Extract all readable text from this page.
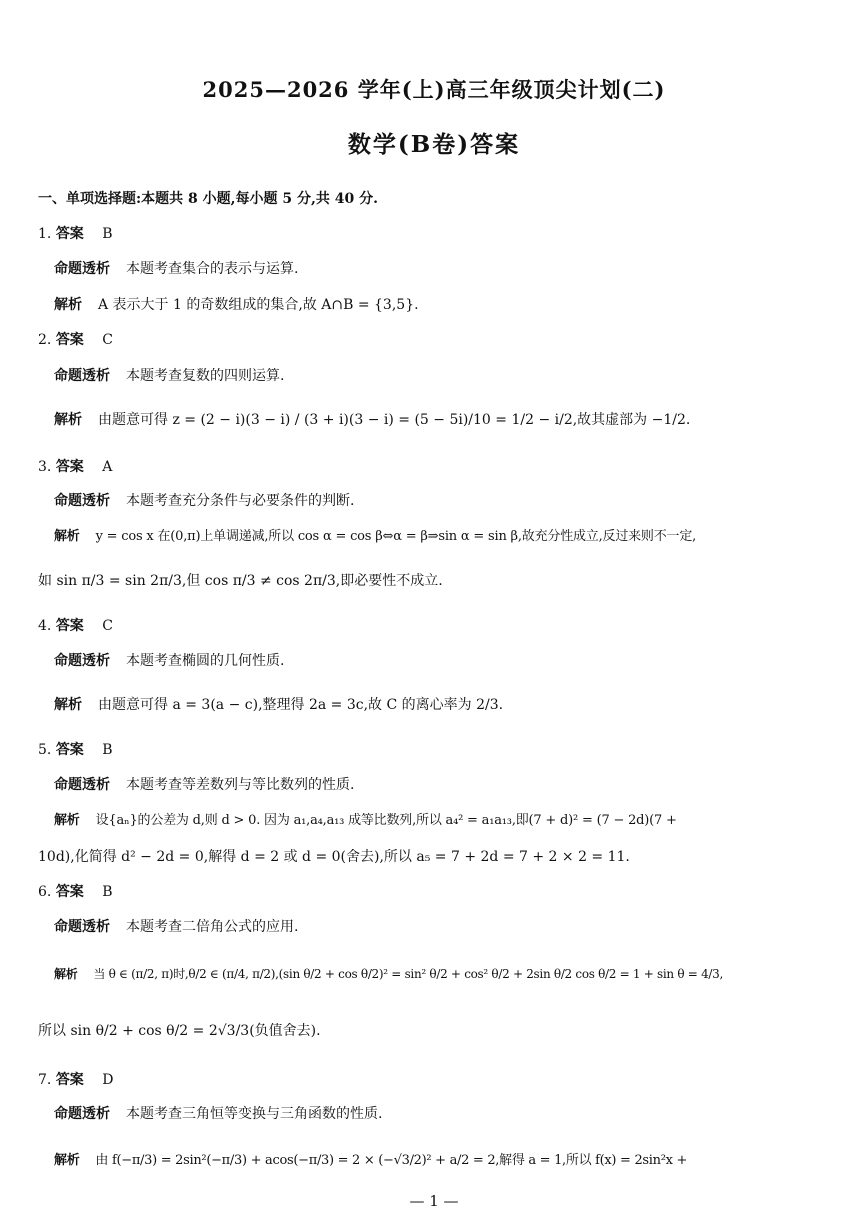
2025—2026 学年(上)高三年级顶尖计划(二)
数学(B卷)答案
一、单项选择题:本题共 8 小题,每小题 5 分,共 40 分.
1. 答案 B
命题透析 本题考查集合的表示与运算.
解析 A 表示大于 1 的奇数组成的集合,故 A∩B = {3,5}.
2. 答案 C
命题透析 本题考查复数的四则运算.
解析 由题意可得 z = (2 − i)(3 − i) / (3 + i)(3 − i) = (5 − 5i)/10 = 1/2 − i/2,故其虚部为 −1/2.
3. 答案 A
命题透析 本题考查充分条件与必要条件的判断.
解析 y = cos x 在(0,π)上单调递减,所以 cos α = cos β⇔α = β⇒sin α = sin β,故充分性成立,反过来则不一定,
如 sin π/3 = sin 2π/3,但 cos π/3 ≠ cos 2π/3,即必要性不成立.
4. 答案 C
命题透析 本题考查椭圆的几何性质.
解析 由题意可得 a = 3(a − c),整理得 2a = 3c,故 C 的离心率为 2/3.
5. 答案 B
命题透析 本题考查等差数列与等比数列的性质.
解析 设{aₙ}的公差为 d,则 d > 0. 因为 a₁,a₄,a₁₃ 成等比数列,所以 a₄² = a₁a₁₃,即(7 + d)² = (7 − 2d)(7 +
10d),化简得 d² − 2d = 0,解得 d = 2 或 d = 0(舍去),所以 a₅ = 7 + 2d = 7 + 2 × 2 = 11.
6. 答案 B
命题透析 本题考查二倍角公式的应用.
解析 当 θ ∈ (π/2, π)时,θ/2 ∈ (π/4, π/2),(sin θ/2 + cos θ/2)² = sin² θ/2 + cos² θ/2 + 2sin θ/2 cos θ/2 = 1 + sin θ = 4/3,
所以 sin θ/2 + cos θ/2 = 2√3/3(负值舍去).
7. 答案 D
命题透析 本题考查三角恒等变换与三角函数的性质.
解析 由 f(−π/3) = 2sin²(−π/3) + acos(−π/3) = 2 × (−√3/2)² + a/2 = 2,解得 a = 1,所以 f(x) = 2sin²x +
— 1 —
